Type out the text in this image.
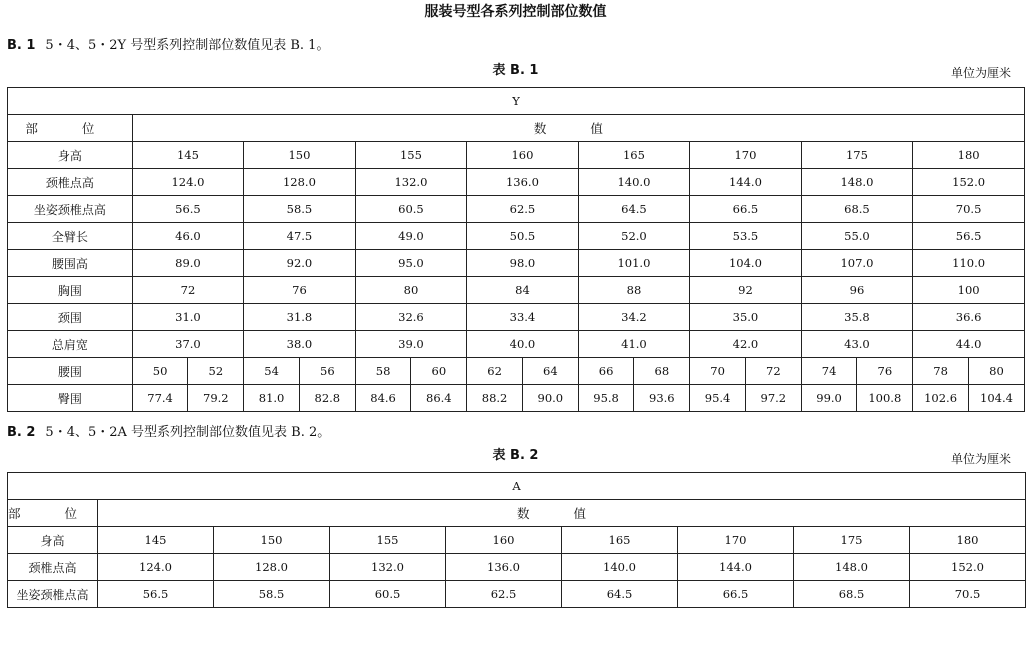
服装号型各系列控制部位数值
B. 1 5・4、5・2Y 号型系列控制部位数值见表 B. 1。
表 B. 1	单位为厘米
Y																
部 位	数 值															
身高	145		150		155		160		165		170		175		180	
颈椎点高	124.0		128.0		132.0		136.0		140.0		144.0		148.0		152.0	
坐姿颈椎点高	56.5		58.5		60.5		62.5		64.5		66.5		68.5		70.5	
全臂长	46.0		47.5		49.0		50.5		52.0		53.5		55.0		56.5	
腰围高	89.0		92.0		95.0		98.0		101.0		104.0		107.0		110.0	
胸围	72		76		80		84		88		92		96		100	
颈围	31.0		31.8		32.6		33.4		34.2		35.0		35.8		36.6	
总肩宽	37.0		38.0		39.0		40.0		41.0		42.0		43.0		44.0	
腰围	50	52	54	56	58	60	62	64	66	68	70	72	74	76	78	80
臀围	77.4	79.2	81.0	82.8	84.6	86.4	88.2	90.0	95.8	93.6	95.4	97.2	99.0	100.8	102.6	104.4
B. 2 5・4、5・2A 号型系列控制部位数值见表 B. 2。
表 B. 2	单位为厘米
A								
部 位	数 值							
身高	145	150	155	160	165	170	175	180
颈椎点高	124.0	128.0	132.0	136.0	140.0	144.0	148.0	152.0
坐姿颈椎点高	56.5	58.5	60.5	62.5	64.5	66.5	68.5	70.5
